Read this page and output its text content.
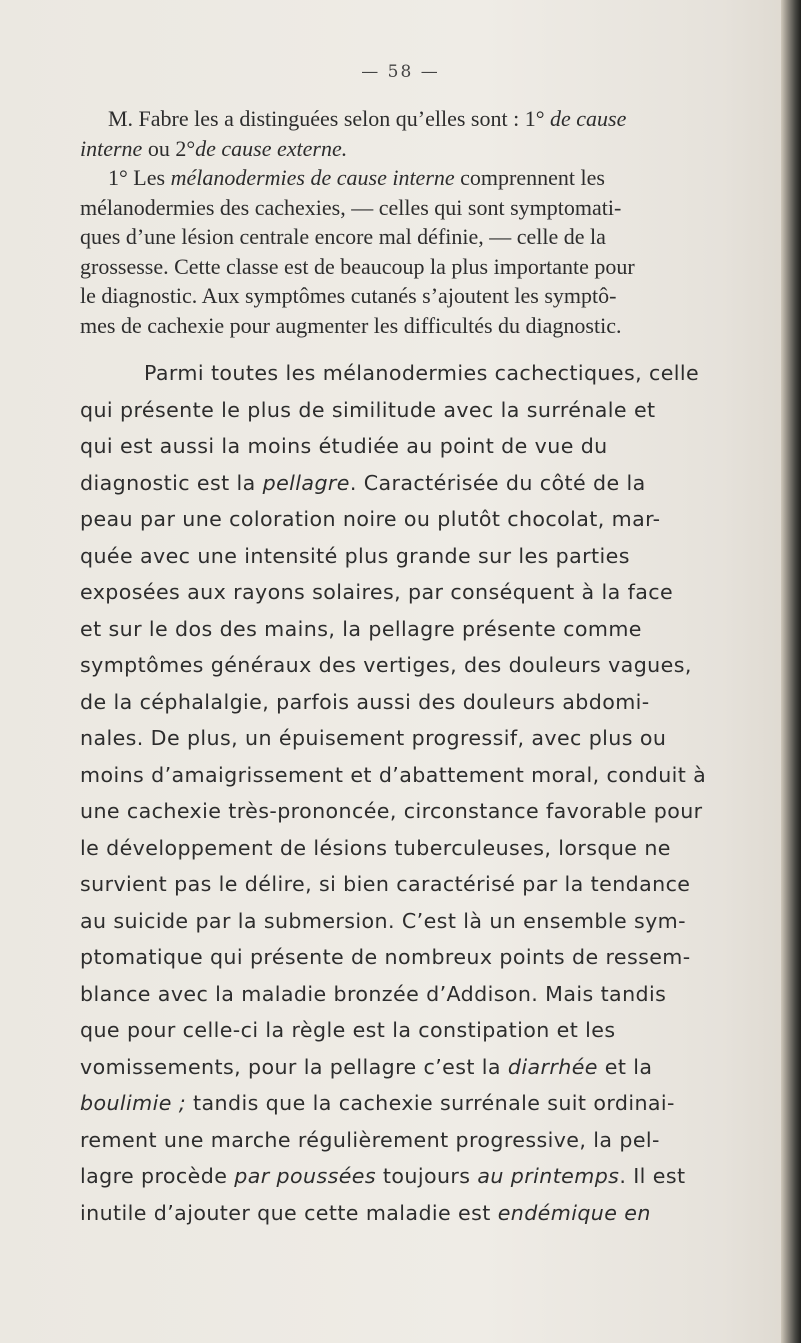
— 58 —
M. Fabre les a distinguées selon qu’elles sont : 1° de cause
interne ou 2°de cause externe.
1° Les mélanodermies de cause interne comprennent les
mélanodermies des cachexies, — celles qui sont symptomati-
ques d’une lésion centrale encore mal définie, — celle de la
grossesse. Cette classe est de beaucoup la plus importante pour
le diagnostic. Aux symptômes cutanés s’ajoutent les symptô-
mes de cachexie pour augmenter les difficultés du diagnostic.
Parmi toutes les mélanodermies cachectiques, celle
qui présente le plus de similitude avec la surrénale et
qui est aussi la moins étudiée au point de vue du
diagnostic est la pellagre. Caractérisée du côté de la
peau par une coloration noire ou plutôt chocolat, mar-
quée avec une intensité plus grande sur les parties
exposées aux rayons solaires, par conséquent à la face
et sur le dos des mains, la pellagre présente comme
symptômes généraux des vertiges, des douleurs vagues,
de la céphalalgie, parfois aussi des douleurs abdomi-
nales. De plus, un épuisement progressif, avec plus ou
moins d’amaigrissement et d’abattement moral, conduit à
une cachexie très-prononcée, circonstance favorable pour
le développement de lésions tuberculeuses, lorsque ne
survient pas le délire, si bien caractérisé par la tendance
au suicide par la submersion. C’est là un ensemble sym-
ptomatique qui présente de nombreux points de ressem-
blance avec la maladie bronzée d’Addison. Mais tandis
que pour celle-ci la règle est la constipation et les
vomissements, pour la pellagre c’est la diarrhée et la
boulimie ; tandis que la cachexie surrénale suit ordinai-
rement une marche régulièrement progressive, la pel-
lagre procède par poussées toujours au printemps. Il est
inutile d’ajouter que cette maladie est endémique en
